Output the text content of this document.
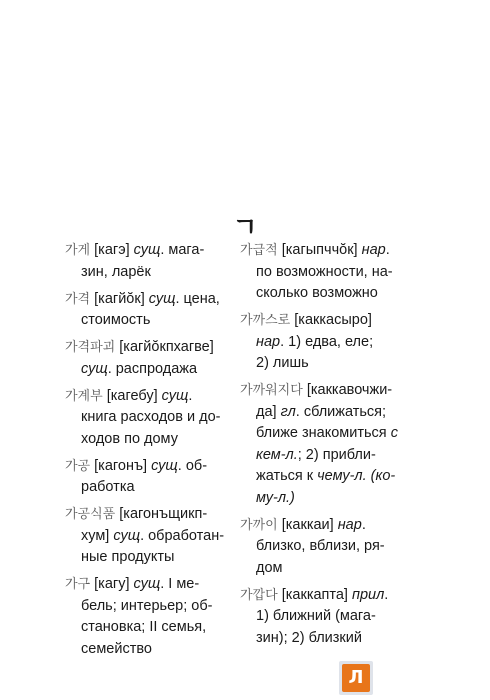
ㄱ
가게 [кагэ] сущ. мага-
зин, ларёк
가격 [кагйŏк] сущ. цена,
стоимость
가격파괴 [кагйŏкпхагве]
сущ. распродажа
가계부 [кагебу] сущ.
книга расходов и до-
ходов по дому
가공 [кагонъ] сущ. об-
работка
가공식품 [кагонъщикп-
хум] сущ. обработан-
ные продукты
가구 [кагу] сущ. I ме-
бель; интерьер; об-
становка; II семья,
семейство
가급적 [кагыпччŏк] нар.
по возможности, на-
сколько возможно
가까스로 [каккасыро]
нар. 1) едва, еле;
2) лишь
가까워지다 [каккавочжи-
да] гл. сближаться;
ближе знакомиться с
кем-л.; 2) прибли-
жаться к чему-л. (ко-
му-л.)
가까이 [каккаи] нар.
близко, вблизи, ря-
дом
가깝다 [каккапта] прил.
1) ближний (мага-
зин); 2) близкий
Л
